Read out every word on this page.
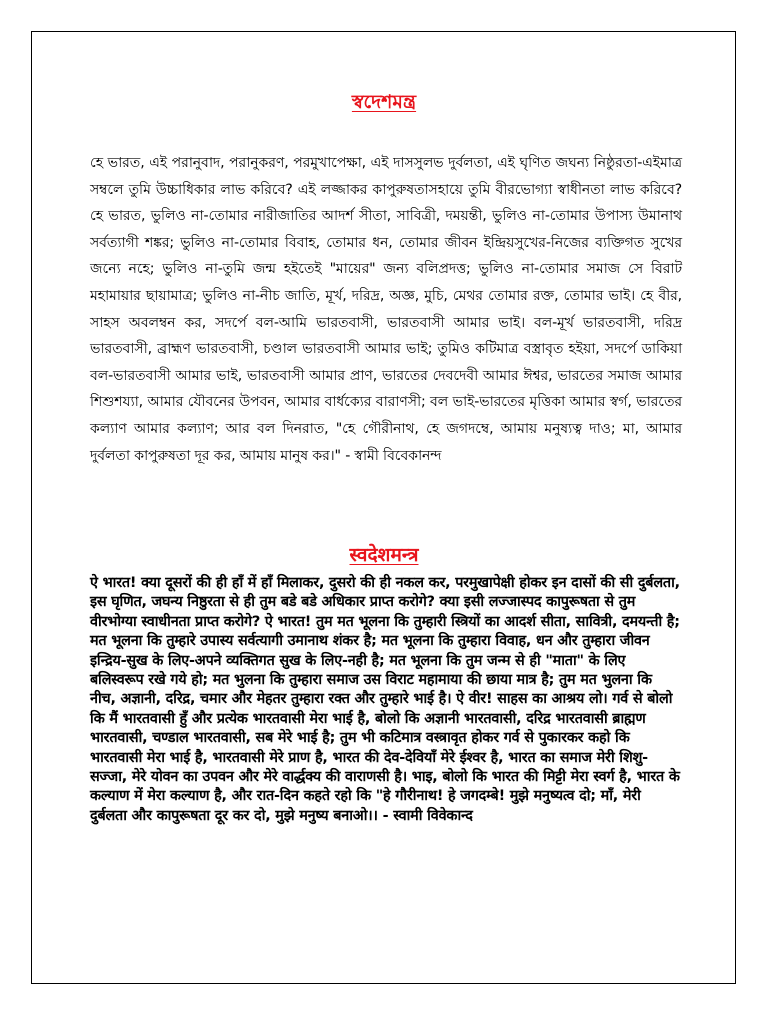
স্বদেশমন্ত্র
হে ভারত, এই পরানুবাদ, পরানুকরণ, পরমুখাপেক্ষা, এই দাসসুলভ দুর্বলতা, এই ঘৃণিত জঘন্য নিষ্ঠুরতা-এইমাত্র সম্বলে তুমি উচ্চাধিকার লাভ করিবে? এই লজ্জাকর কাপুরুষতাসহায়ে তুমি বীরভোগ্যা স্বাধীনতা লাভ করিবে? হে ভারত, ভুলিও না-তোমার নারীজাতির আদর্শ সীতা, সাবিত্রী, দময়ন্তী, ভুলিও না-তোমার উপাস্য উমানাথ সর্বত্যাগী শঙ্কর; ভুলিও না-তোমার বিবাহ, তোমার ধন, তোমার জীবন ইন্দ্রিয়সুখের-নিজের ব্যক্তিগত সুখের জন্যে নহে; ভুলিও না-তুমি জন্ম হইতেই "মায়ের" জন্য বলিপ্রদত্ত; ভুলিও না-তোমার সমাজ সে বিরাট মহামায়ার ছায়ামাত্র; ভুলিও না-নীচ জাতি, মূর্খ, দরিদ্র, অজ্ঞ, মুচি, মেথর তোমার রক্ত, তোমার ভাই। হে বীর, সাহস অবলম্বন কর, সদর্পে বল-আমি ভারতবাসী, ভারতবাসী আমার ভাই। বল-মূর্খ ভারতবাসী, দরিদ্র ভারতবাসী, ব্রাহ্মণ ভারতবাসী, চণ্ডাল ভারতবাসী আমার ভাই; তুমিও কটিমাত্র বস্ত্রাবৃত হইয়া, সদর্পে ডাকিয়া বল-ভারতবাসী আমার ভাই, ভারতবাসী আমার প্রাণ, ভারতের দেবদেবী আমার ঈশ্বর, ভারতের সমাজ আমার শিশুশয্যা, আমার যৌবনের উপবন, আমার বার্ধক্যের বারাণসী; বল ভাই-ভারতের মৃত্তিকা আমার স্বর্গ, ভারতের কল্যাণ আমার কল্যাণ; আর বল দিনরাত, "হে গৌরীনাথ, হে জগদম্বে, আমায় মনুষ্যত্ব দাও; মা, আমার দুর্বলতা কাপুরুষতা দূর কর, আমায় মানুষ কর।" - স্বামী বিবেকানন্দ
स्वदेशमन्त्र
ऐ भारत! क्या दूसरों की ही हाँ में हाँ मिलाकर, दुसरो की ही नकल कर, परमुखापेक्षी होकर इन दासों की सी दुर्बलता, इस घृणित, जघन्य निष्ठुरता से ही तुम बडे बडे अधिकार प्राप्त करोगे? क्या इसी लज्जास्पद कापुरूषता से तुम वीरभोग्या स्वाधीनता प्राप्त करोगे? ऐ भारत! तुम मत भूलना कि तुम्हारी स्त्रियों का आदर्श सीता, सावित्री, दमयन्ती है; मत भूलना कि तुम्हारे उपास्य सर्वत्यागी उमानाथ शंकर है; मत भूलना कि तुम्हारा विवाह, धन और तुम्हारा जीवन इन्द्रिय-सुख के लिए-अपने व्यक्तिगत सुख के लिए-नही है; मत भूलना कि तुम जन्म से ही "माता" के लिए बलिस्वरूप रखे गये हो; मत भुलना कि तुम्हारा समाज उस विराट महामाया की छाया मात्र है; तुम मत भुलना कि नीच, अज्ञानी, दरिद्र, चमार और मेहतर तुम्हारा रक्त और तुम्हारे भाई है। ऐ वीर! साहस का आश्रय लो। गर्व से बोलो कि मैं भारतवासी हुँ और प्रत्येक भारतवासी मेरा भाई है, बोलो कि अज्ञानी भारतवासी, दरिद्र भारतवासी ब्राह्मण भारतवासी, चण्डाल भारतवासी, सब मेरे भाई है; तुम भी कटिमात्र वस्त्रावृत होकर गर्व से पुकारकर कहो कि भारतवासी मेरा भाई है, भारतवासी मेरे प्राण है, भारत की देव-देवियाँ मेरे ईश्वर है, भारत का समाज मेरी शिशु-सज्जा, मेरे योवन का उपवन और मेरे वार्द्धक्य की वाराणसी है। भाइ, बोलो कि भारत की मिट्टी मेरा स्वर्ग है, भारत के कल्याण में मेरा कल्याण है, और रात-दिन कहते रहो कि "हे गौरीनाथ! हे जगदम्बे! मुझे मनुष्यत्व दो; माँ, मेरी दुर्बलता और कापुरूषता दूर कर दो, मुझे मनुष्य बनाओ।। - स्वामी विवेकान्द
